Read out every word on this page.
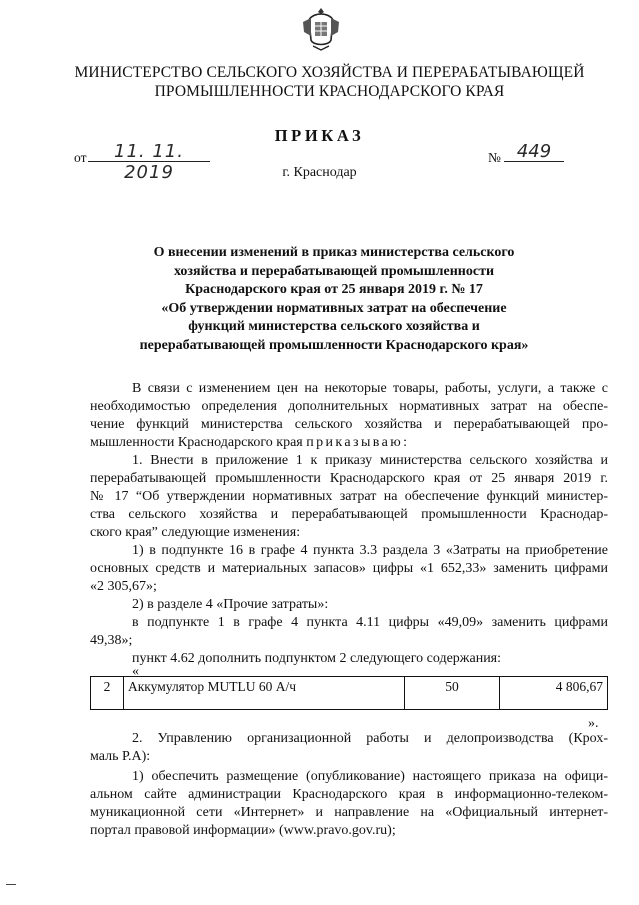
МИНИСТЕРСТВО СЕЛЬСКОГО ХОЗЯЙСТВА И ПЕРЕРАБАТЫВАЮЩЕЙ
ПРОМЫШЛЕННОСТИ КРАСНОДАРСКОГО КРАЯ
ПРИКАЗ
от	11. 11. 2019
№ 449
г. Краснодар
О внесении изменений в приказ министерства сельского
хозяйства и перерабатывающей промышленности
Краснодарского края от 25 января 2019 г. № 17
«Об утверждении нормативных затрат на обеспечение
функций министерства сельского хозяйства и
перерабатывающей промышленности Краснодарского края»
В связи с изменением цен на некоторые товары, работы, услуги, а также с
необходимостью определения дополнительных нормативных затрат на обеспе-
чение функций министерства сельского хозяйства и перерабатывающей про-
мышленности Краснодарского края приказываю:
1. Внести в приложение 1 к приказу министерства сельского хозяйства и
перерабатывающей промышленности Краснодарского края от 25 января 2019 г.
№ 17 “Об утверждении нормативных затрат на обеспечение функций министер-
ства сельского хозяйства и перерабатывающей промышленности Краснодар-
ского края” следующие изменения:
1) в подпункте 16 в графе 4 пункта 3.3 раздела 3 «Затраты на приобретение
основных средств и материальных запасов» цифры «1 652,33» заменить цифрами
«2 305,67»;
2) в разделе 4 «Прочие затраты»:
в подпункте 1 в графе 4 пункта 4.11 цифры «49,09» заменить цифрами
49,38»;
пункт 4.62 дополнить подпунктом 2 следующего содержания:
«
2	Аккумулятор MUTLU 60 А/ч	50	4 806,67
».
2. Управлению организационной работы и делопроизводства (Крох-
маль Р.А):
1) обеспечить размещение (опубликование) настоящего приказа на офици-
альном сайте администрации Краснодарского края в информационно-телеком-
муникационной сети «Интернет» и направление на «Официальный интернет-
портал правовой информации» (www.pravo.gov.ru);
